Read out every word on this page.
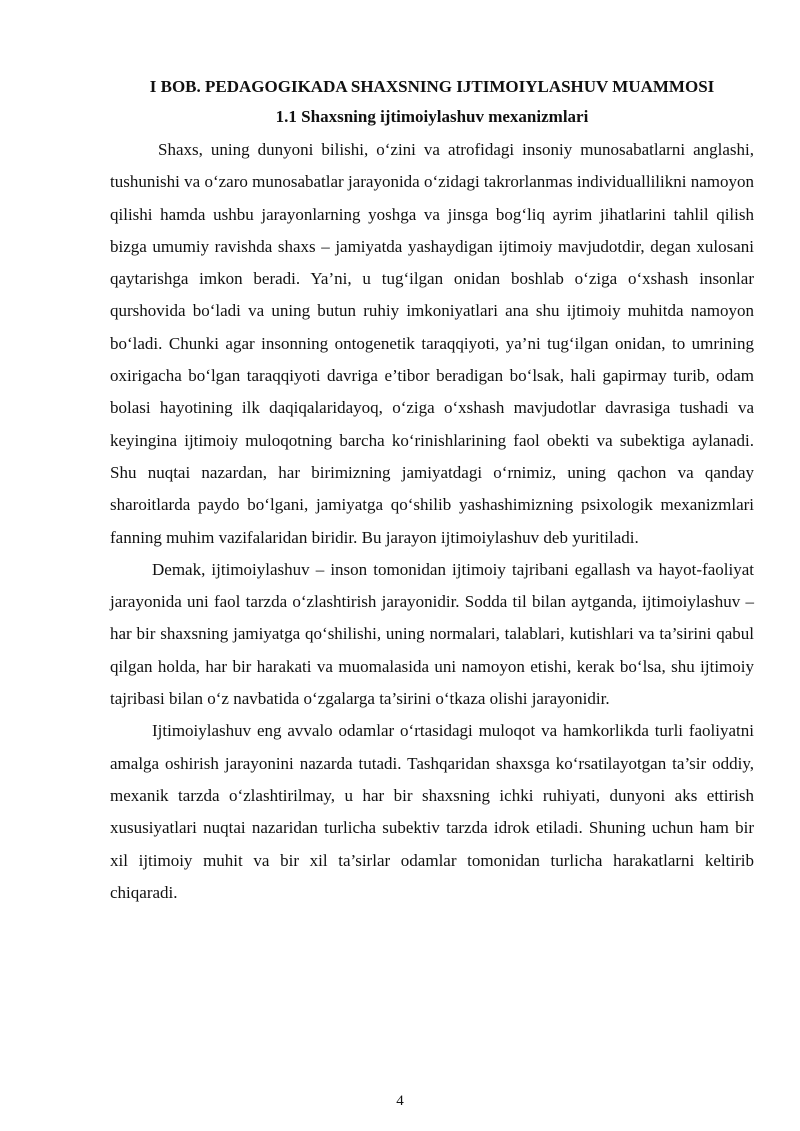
I BOB. PEDAGOGIKADA SHAXSNING IJTIMOIYLASHUV MUAMMOSI
1.1 Shaxsning ijtimoiylashuv mexanizmlari

Shaxs, uning dunyoni bilishi, o‘zini va atrofidagi insoniy munosabatlarni anglashi, tushunishi va o‘zaro munosabatlar jarayonida o‘zidagi takrorlanmas individuallilikni namoyon qilishi hamda ushbu jarayonlarning yoshga va jinsga bog‘liq ayrim jihatlarini tahlil qilish bizga umumiy ravishda shaxs – jamiyatda yashaydigan ijtimoiy mavjudotdir, degan xulosani qaytarishga imkon beradi. Ya’ni, u tug‘ilgan onidan boshlab o‘ziga o‘xshash insonlar qurshovida bo‘ladi va uning butun ruhiy imkoniyatlari ana shu ijtimoiy muhitda namoyon bo‘ladi. Chunki agar insonning ontogenetik taraqqiyoti, ya’ni tug‘ilgan onidan, to umrining oxirigacha bo‘lgan taraqqiyoti davriga e’tibor beradigan bo‘lsak, hali gapirmay turib, odam bolasi hayotining ilk daqiqalaridayoq, o‘ziga o‘xshash mavjudotlar davrasiga tushadi va keyingina ijtimoiy muloqotning barcha ko‘rinishlarining faol obekti va subektiga aylanadi. Shu nuqtai nazardan, har birimizning jamiyatdagi o‘rnimiz, uning qachon va qanday sharoitlarda paydo bo‘lgani, jamiyatga qo‘shilib yashashimizning psixologik mexanizmlari fanning muhim vazifalaridan biridir. Bu jarayon ijtimoiylashuv deb yuritiladi.

Demak, ijtimoiylashuv – inson tomonidan ijtimoiy tajribani egallash va hayot-faoliyat jarayonida uni faol tarzda o‘zlashtirish jarayonidir. Sodda til bilan aytganda, ijtimoiylashuv – har bir shaxsning jamiyatga qo‘shilishi, uning normalari, talablari, kutishlari va ta’sirini qabul qilgan holda, har bir harakati va muomalasida uni namoyon etishi, kerak bo‘lsa, shu ijtimoiy tajribasi bilan o‘z navbatida o‘zgalarga ta’sirini o‘tkaza olishi jarayonidir.

Ijtimoiylashuv eng avvalo odamlar o‘rtasidagi muloqot va hamkorlikda turli faoliyatni amalga oshirish jarayonini nazarda tutadi. Tashqaridan shaxsga ko‘rsatilayotgan ta’sir oddiy, mexanik tarzda o‘zlashtirilmay, u har bir shaxsning ichki ruhiyati, dunyoni aks ettirish xususiyatlari nuqtai nazaridan turlicha subektiv tarzda idrok etiladi. Shuning uchun ham bir xil ijtimoiy muhit va bir xil ta’sirlar odamlar tomonidan turlicha harakatlarni keltirib chiqaradi.

4
